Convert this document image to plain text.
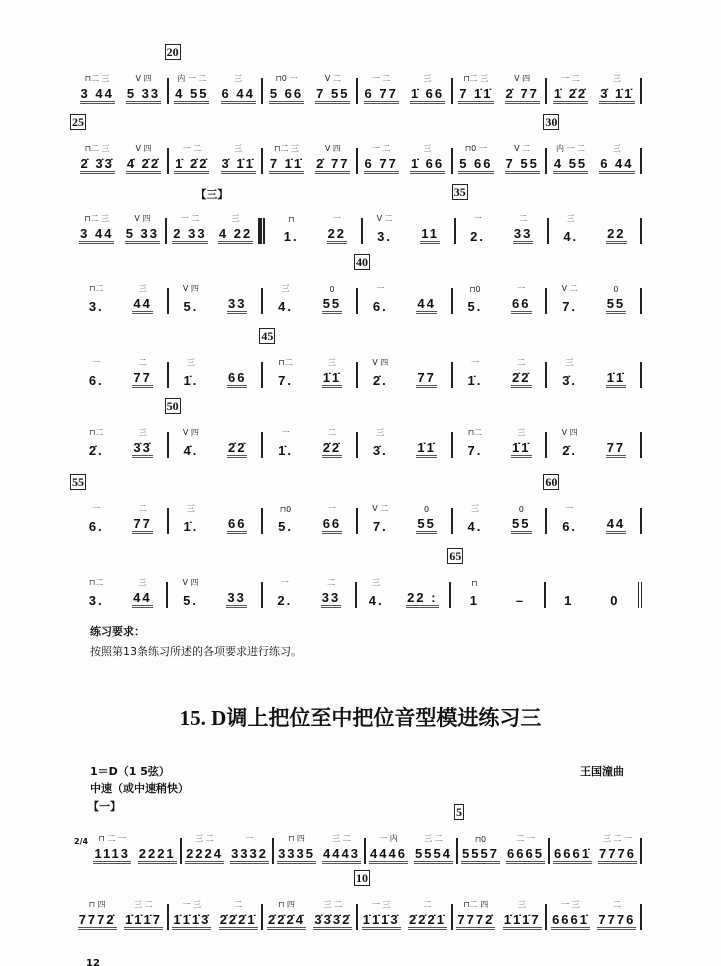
⊓二 三
3 44
V 四
5 33
20
内 一 二
4 55
三
6 44
⊓0 一
5 66
V 二
7 55
一 二
6 77
三
1̇ 66
⊓二 三
7 1̇1̇
V 四
2̇ 77
一 二
1̇ 2̇2̇
三
3̇ 1̇1̇
25
⊓二 三
2̇ 3̇3̇
V 四
4̇ 2̇2̇
一 二
1̇ 2̇2̇
三
3̇ 1̇1̇
⊓二 三
7 1̇1̇
V 四
2̇ 77
一 二
6 77
三
1̇ 66
⊓0 一
5 66
V 二
7 55
30
内 一 二
4 55
三
6 44
⊓二 三
3 44
V 四
5 33
一 二
2 33
三
4 22
【三】
⊓
1.
一
22
V 二
3. 11
35
一
2.
二
33
三
4. 22
⊓二
3.
三
44
V 四
5. 33
三
4.
0
55
40
一
6. 44
⊓0
5.
一
66
V 二
7.
0
55
一
6.
二
77
三
1̇. 66
45
⊓二
7.
三
1̇1̇
V 四
2̇. 77
一
1̇.
二
2̇2̇
三
3̇. 1̇1̇
⊓二
2̇.
三
3̇3̇
50
V 四
4̇. 2̇2̇
一
1̇.
二
2̇2̇
三
3̇. 1̇1̇
⊓二
7.
三
1̇1̇
V 四
2̇. 77
55
一
6.
二
77
三
1̇. 66
⊓0
5.
一
66
V 二
7.
0
55
三
4.
0
55
60
一
6. 44
⊓二
3.
三
44
V 四
5. 33
一
2.
二
33
三
4. 22 :
65
⊓
1	–	1	0
2/4 ⊓ 二 一
1113 2221
三 二
2224
一
3332
⊓ 四
3335
三 二
4443
一 内
4446
三 二
5554
5
⊓0
5557
二 一
6665 6661̇
三 二 一
7776
⊓ 四
7772̇
三 二
1̇1̇1̇7
一 三
1̇1̇1̇3̇
二
2̇2̇2̇1̇
⊓ 四
2̇2̇2̇4̇
三 二
3̇3̇3̇2̇
10
一 三
1̇1̇1̇3̇
二
2̇2̇2̇1̇
⊓二 四
7772̇
三
1̇1̇1̇7
一 三
6661̇
二
7776
练习要求：
按照第13条练习所述的各项要求进行练习。
15. D调上把位至中把位音型模进练习三
1＝D（1 5弦）	王国潼曲
中速（或中速稍快）
【一】
12
